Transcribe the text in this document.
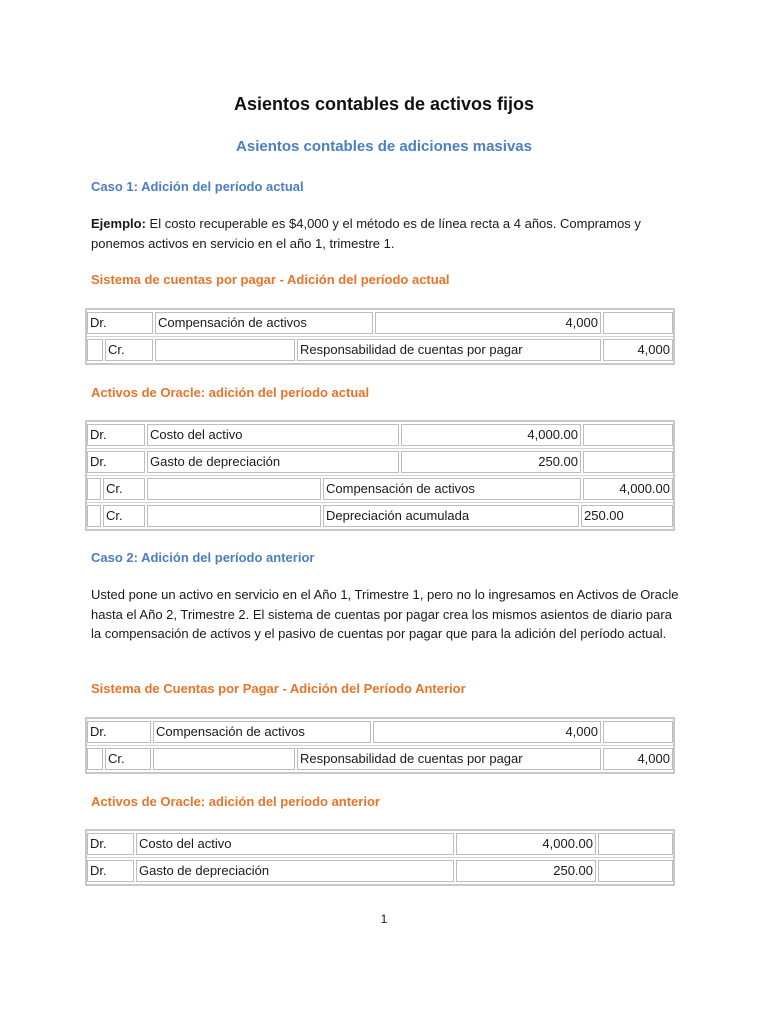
Asientos contables de activos fijos
Asientos contables de adiciones masivas
Caso 1: Adición del período actual
Ejemplo: El costo recuperable es $4,000 y el método es de línea recta a 4 años. Compramos y ponemos activos en servicio en el año 1, trimestre 1.
Sistema de cuentas por pagar - Adición del período actual
Dr.	Compensación de activos	4,000
Cr.	Responsabilidad de cuentas por pagar	4,000
Activos de Oracle: adición del período actual
Dr.	Costo del activo	4,000.00
Dr.	Gasto de depreciación	250.00
Cr.	Compensación de activos	4,000.00
Cr.	Depreciación acumulada	250.00
Caso 2: Adición del período anterior
Usted pone un activo en servicio en el Año 1, Trimestre 1, pero no lo ingresamos en Activos de Oracle hasta el Año 2, Trimestre 2. El sistema de cuentas por pagar crea los mismos asientos de diario para la compensación de activos y el pasivo de cuentas por pagar que para la adición del período actual.
Sistema de Cuentas por Pagar - Adición del Período Anterior
Dr.	Compensación de activos	4,000
Cr.	Responsabilidad de cuentas por pagar	4,000
Activos de Oracle: adición del período anterior
Dr.	Costo del activo	4,000.00
Dr.	Gasto de depreciación	250.00
1
